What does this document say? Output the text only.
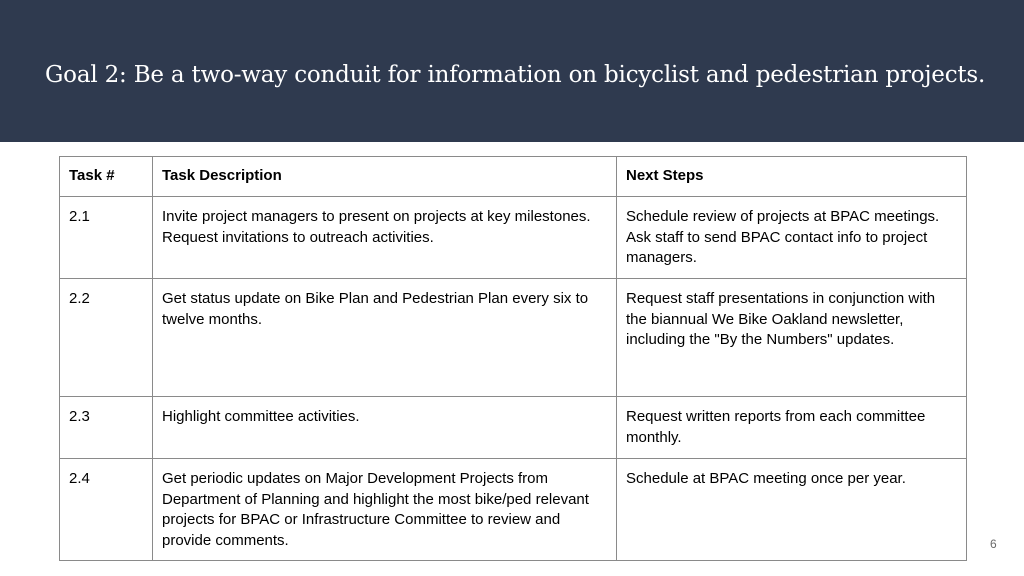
Goal 2: Be a two-way conduit for information on bicyclist and pedestrian projects.
Task #	Task Description	Next Steps
2.1	Invite project managers to present on projects at key milestones. Request invitations to outreach activities.	Schedule review of projects at BPAC meetings. Ask staff to send BPAC contact info to project managers.
2.2	Get status update on Bike Plan and Pedestrian Plan every six to twelve months.	Request staff presentations in conjunction with the biannual We Bike Oakland newsletter, including the "By the Numbers" updates.
2.3	Highlight committee activities.	Request written reports from each committee monthly.
2.4	Get periodic updates on Major Development Projects from Department of Planning and highlight the most bike/ped relevant projects for BPAC or Infrastructure Committee to review and provide comments.	Schedule at BPAC meeting once per year.
6
